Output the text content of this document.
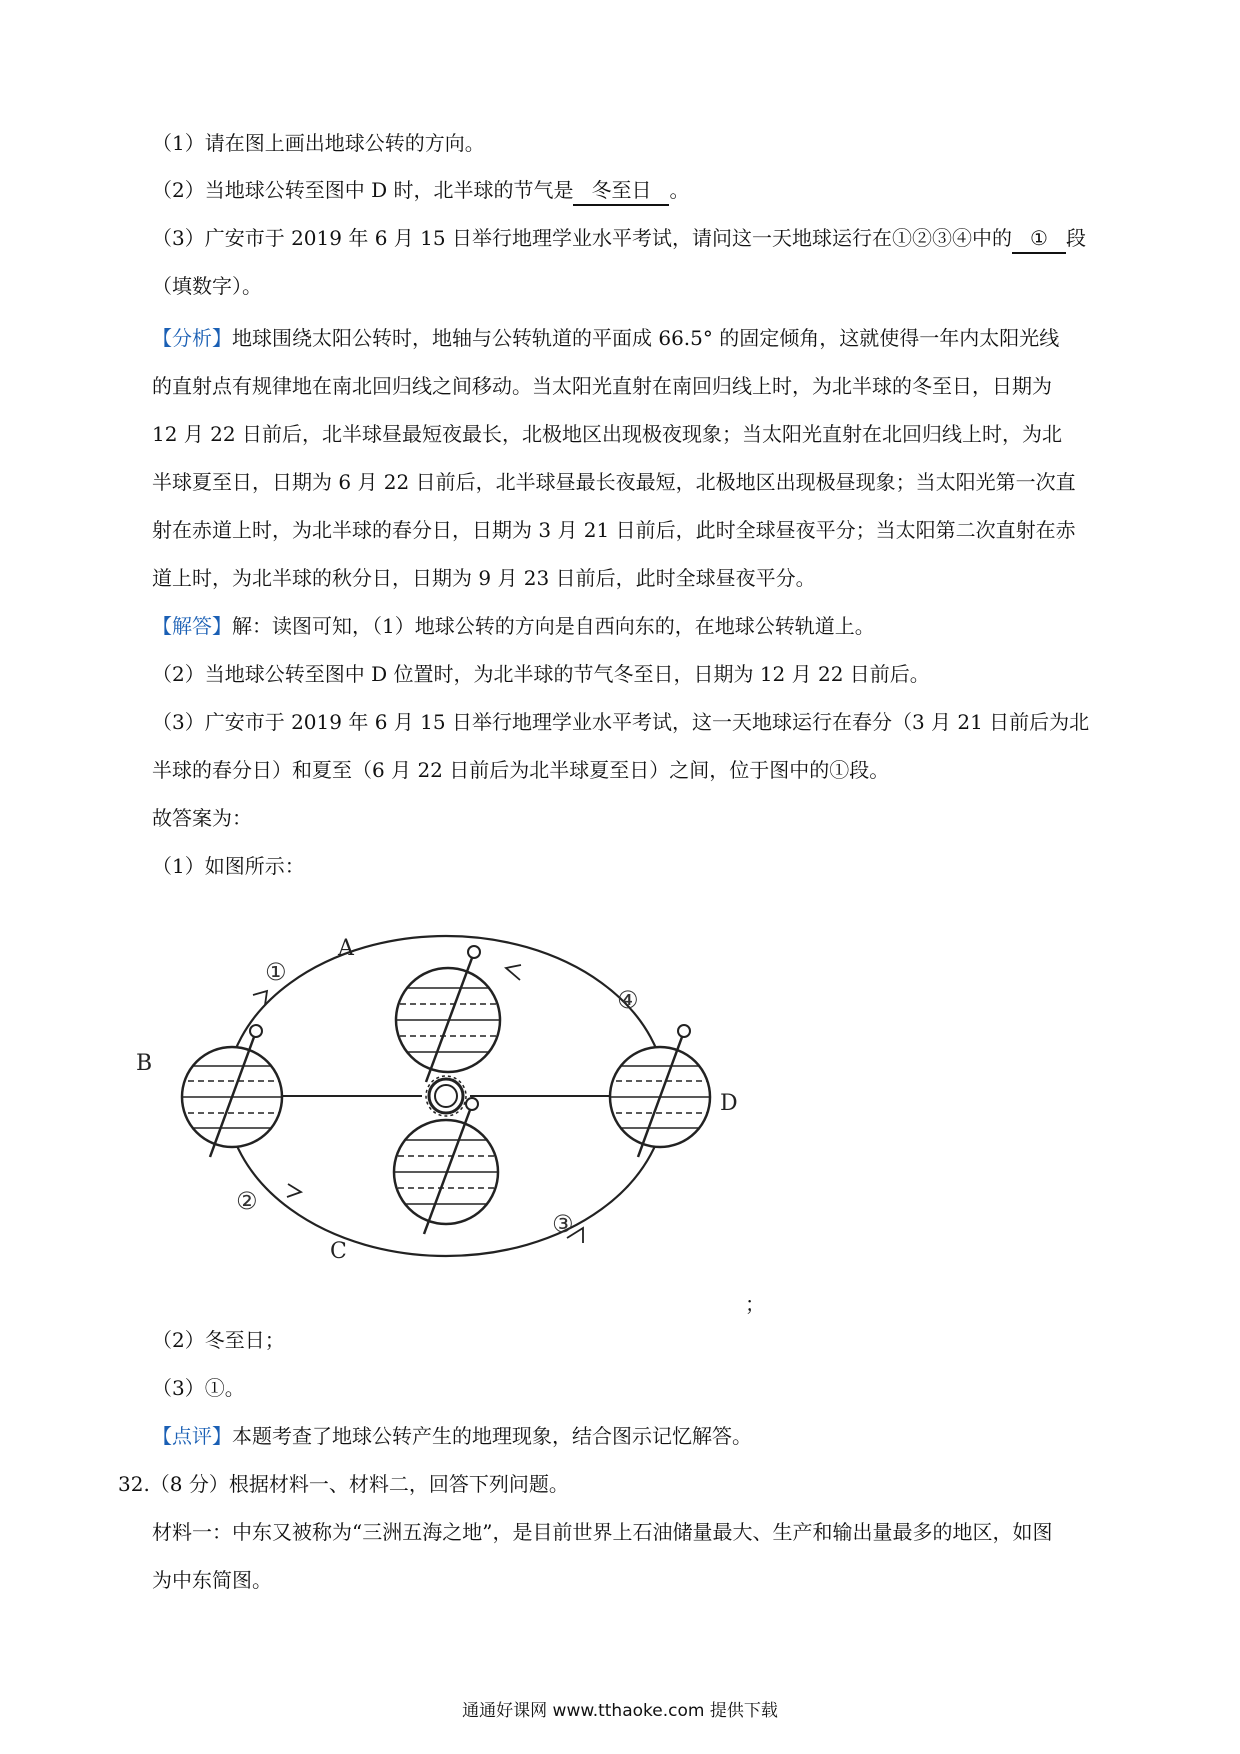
（1）请在图上画出地球公转的方向。
（2）当地球公转至图中 D 时，北半球的节气是 冬至日 。
（3）广安市于 2019 年 6 月 15 日举行地理学业水平考试，请问这一天地球运行在①②③④中的 ① 段
（填数字）。
【分析】地球围绕太阳公转时，地轴与公转轨道的平面成 66.5° 的固定倾角，这就使得一年内太阳光线
的直射点有规律地在南北回归线之间移动。当太阳光直射在南回归线上时，为北半球的冬至日，日期为
12 月 22 日前后，北半球昼最短夜最长，北极地区出现极夜现象；当太阳光直射在北回归线上时，为北
半球夏至日，日期为 6 月 22 日前后，北半球昼最长夜最短，北极地区出现极昼现象；当太阳光第一次直
射在赤道上时，为北半球的春分日，日期为 3 月 21 日前后，此时全球昼夜平分；当太阳第二次直射在赤
道上时，为北半球的秋分日，日期为 9 月 23 日前后，此时全球昼夜平分。
【解答】解：读图可知，（1）地球公转的方向是自西向东的，在地球公转轨道上。
（2）当地球公转至图中 D 位置时，为北半球的节气冬至日，日期为 12 月 22 日前后。
（3）广安市于 2019 年 6 月 15 日举行地理学业水平考试，这一天地球运行在春分（3 月 21 日前后为北
半球的春分日）和夏至（6 月 22 日前后为北半球夏至日）之间，位于图中的①段。
故答案为：
（1）如图所示：
A
B
C
D
①
②
③
④
；
（2）冬至日；
（3）①。
【点评】本题考查了地球公转产生的地理现象，结合图示记忆解答。
32.（8 分）根据材料一、材料二，回答下列问题。
材料一：中东又被称为“三洲五海之地”，是目前世界上石油储量最大、生产和输出量最多的地区，如图
为中东简图。
通通好课网 www.tthaoke.com 提供下载
